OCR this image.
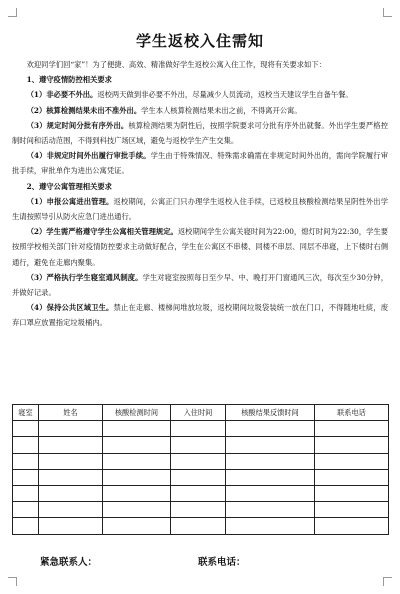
学生返校入住需知

欢迎同学们回“家”！为了便捷、高效、精准做好学生返校公寓入住工作，现将有关要求如下：

1、遵守疫情防控相关要求

（1）非必要不外出。返校两天做到非必要不外出，尽量减少人员流动，返校当天建议学生自备午餐。

（2）核算检测结果未出不准外出。学生本人核算检测结果未出之前，不得离开公寓。

（3）规定时间分批有序外出。核算检测结果为阴性后，按照学院要求可分批有序外出就餐。外出学生要严格控制时间和活动范围，不得到科技广场区域，避免与返校学生产生交集。

（4）非规定时间外出履行审批手续。学生由于特殊情况、特殊需求确需在非规定时间外出的，需向学院履行审批手续，审批单作为进出公寓凭证。

2、遵守公寓管理相关要求

（1）申报公寓进出管理。返校期间，公寓正门只办理学生返校入住手续，已返校且核酸检测结果呈阴性外出学生请按照导引从防火应急门进出通行。

（2）学生需严格遵守学生公寓相关管理规定。返校期间学生公寓关寝时间为22:00，熄灯时间为22:30，学生要按照学校相关部门针对疫情防控要求主动做好配合，学生在公寓区不串楼、同楼不串层、同层不串寝，上下楼时右侧通行，避免在走廊内聚集。

（3）严格执行学生寝室通风制度。学生对寝室按照每日至少早、中、晚打开门窗通风三次，每次至少30分钟，并做好记录。

（4）保持公共区域卫生。禁止在走廊、楼梯间堆放垃圾，返校期间垃圾袋装统一放在门口，不得随地吐痰，废弃口罩应放置指定垃圾桶内。

寝室	姓名	核酸检测时间	入住时间	核酸结果反馈时间	联系电话

紧急联系人：	联系电话：
